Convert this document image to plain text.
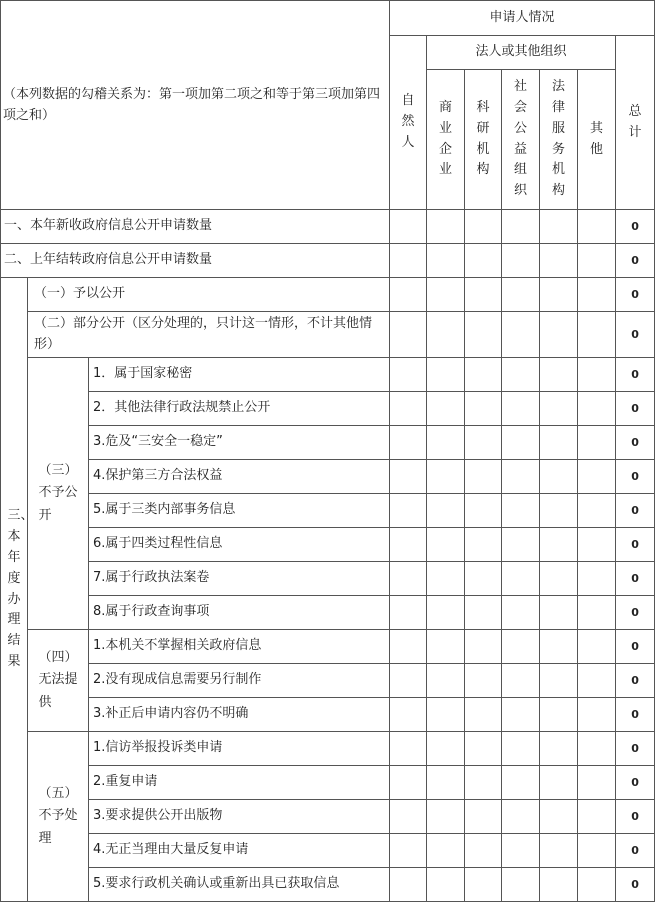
（本列数据的勾稽关系为：第一项加第二项之和等于第三项加第四项之和）			申请人情况						
			自然人	法人或其他组织					总计
				商业企业	科研机构	社会公益组织	法律服务机构	其他	
一、本年新收政府信息公开申请数量									0
二、上年结转政府信息公开申请数量									0
三、本年度办理结果	（一）予以公开								0
	（二）部分公开（区分处理的，只计这一情形，不计其他情形）								0
	（三）不予公开	1．属于国家秘密							0
		2．其他法律行政法规禁止公开							0
		3.危及“三安全一稳定”							0
		4.保护第三方合法权益							0
		5.属于三类内部事务信息							0
		6.属于四类过程性信息							0
		7.属于行政执法案卷							0
		8.属于行政查询事项							0
	（四）无法提供	1.本机关不掌握相关政府信息							0
		2.没有现成信息需要另行制作							0
		3.补正后申请内容仍不明确							0
	（五）不予处理	1.信访举报投诉类申请							0
		2.重复申请							0
		3.要求提供公开出版物							0
		4.无正当理由大量反复申请							0
		5.要求行政机关确认或重新出具已获取信息							0
